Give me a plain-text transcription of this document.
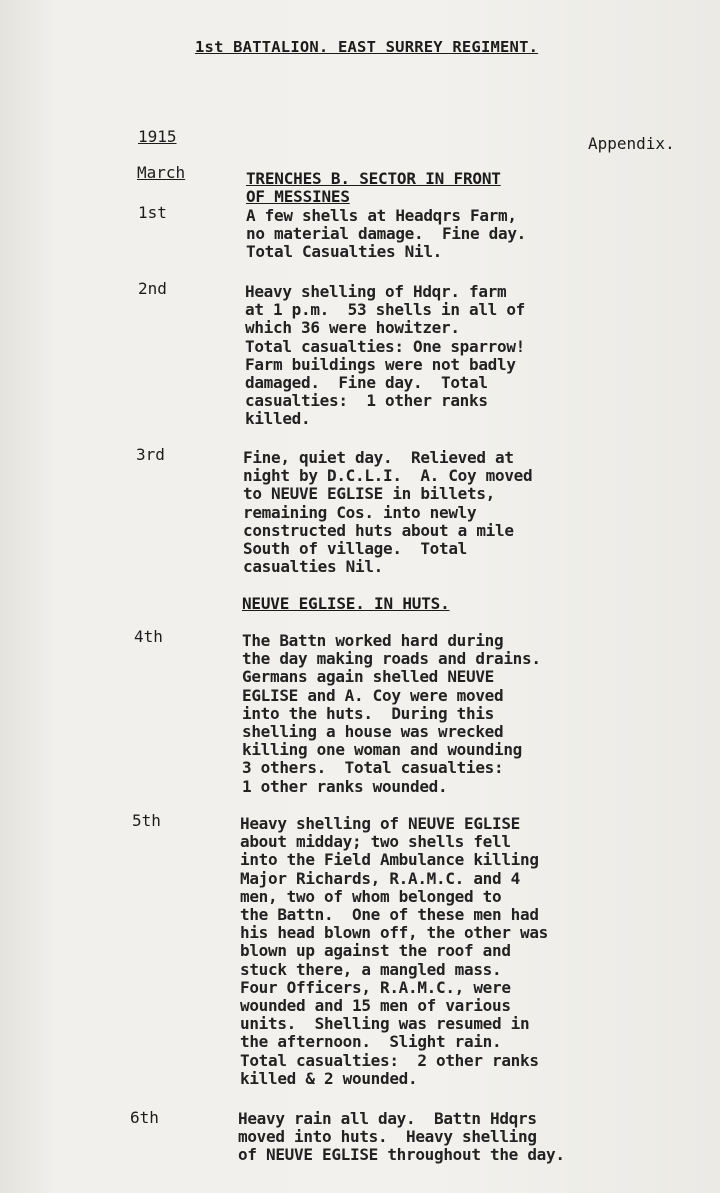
1st BATTALION. EAST SURREY REGIMENT.
1915	Appendix.
March	TRENCHES B. SECTOR IN FRONT
OF MESSINES
1st	A few shells at Headqrs Farm,
no material damage.  Fine day.
Total Casualties Nil.
2nd	Heavy shelling of Hdqr. farm
at 1 p.m.  53 shells in all of
which 36 were howitzer.
Total casualties: One sparrow!
Farm buildings were not badly
damaged.  Fine day.  Total
casualties:  1 other ranks
killed.
3rd	Fine, quiet day.  Relieved at
night by D.C.L.I.  A. Coy moved
to NEUVE EGLISE in billets,
remaining Cos. into newly
constructed huts about a mile
South of village.  Total
casualties Nil.
NEUVE EGLISE. IN HUTS.
4th	The Battn worked hard during
the day making roads and drains.
Germans again shelled NEUVE
EGLISE and A. Coy were moved
into the huts.  During this
shelling a house was wrecked
killing one woman and wounding
3 others.  Total casualties:
1 other ranks wounded.
5th	Heavy shelling of NEUVE EGLISE
about midday; two shells fell
into the Field Ambulance killing
Major Richards, R.A.M.C. and 4
men, two of whom belonged to
the Battn.  One of these men had
his head blown off, the other was
blown up against the roof and
stuck there, a mangled mass.
Four Officers, R.A.M.C., were
wounded and 15 men of various
units.  Shelling was resumed in
the afternoon.  Slight rain.
Total casualties:  2 other ranks
killed & 2 wounded.
6th	Heavy rain all day.  Battn Hdqrs
moved into huts.  Heavy shelling
of NEUVE EGLISE throughout the day.
